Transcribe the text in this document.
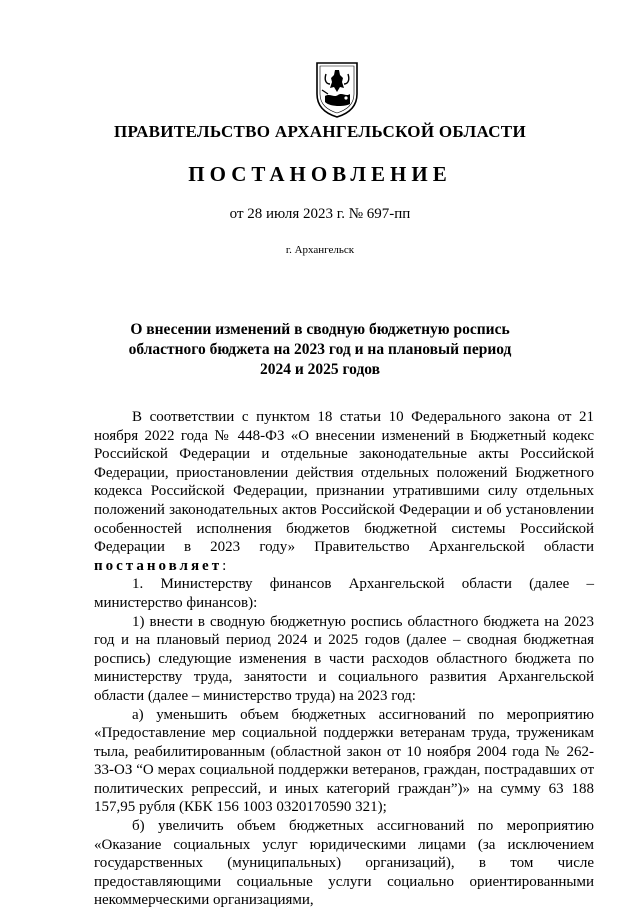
ПРАВИТЕЛЬСТВО АРХАНГЕЛЬСКОЙ ОБЛАСТИ
ПОСТАНОВЛЕНИЕ
от 28 июля 2023 г. № 697-пп
г. Архангельск
О внесении изменений в сводную бюджетную роспись
областного бюджета на 2023 год и на плановый период
2024 и 2025 годов

В соответствии с пунктом 18 статьи 10 Федерального закона от 21 ноября 2022 года № 448-ФЗ «О внесении изменений в Бюджетный кодекс Российской Федерации и отдельные законодательные акты Российской Федерации, приостановлении действия отдельных положений Бюджетного кодекса Российской Федерации, признании утратившими силу отдельных положений законодательных актов Российской Федерации и об установлении особенностей исполнения бюджетов бюджетной системы Российской Федерации в 2023 году» Правительство Архангельской области постановляет:

1. Министерству финансов Архангельской области (далее – министерство финансов):

1) внести в сводную бюджетную роспись областного бюджета на 2023 год и на плановый период 2024 и 2025 годов (далее – сводная бюджетная роспись) следующие изменения в части расходов областного бюджета по министерству труда, занятости и социального развития Архангельской области (далее – министерство труда) на 2023 год:

а) уменьшить объем бюджетных ассигнований по мероприятию «Предоставление мер социальной поддержки ветеранам труда, труженикам тыла, реабилитированным (областной закон от 10 ноября 2004 года № 262-33-ОЗ “О мерах социальной поддержки ветеранов, граждан, пострадавших от политических репрессий, и иных категорий граждан”)» на сумму 63 188 157,95 рубля (КБК 156 1003 0320170590 321);

б) увеличить объем бюджетных ассигнований по мероприятию «Оказание социальных услуг юридическими лицами (за исключением государственных (муниципальных) организаций), в том числе предоставляющими социальные услуги социально ориентированными некоммерческими организациями,
